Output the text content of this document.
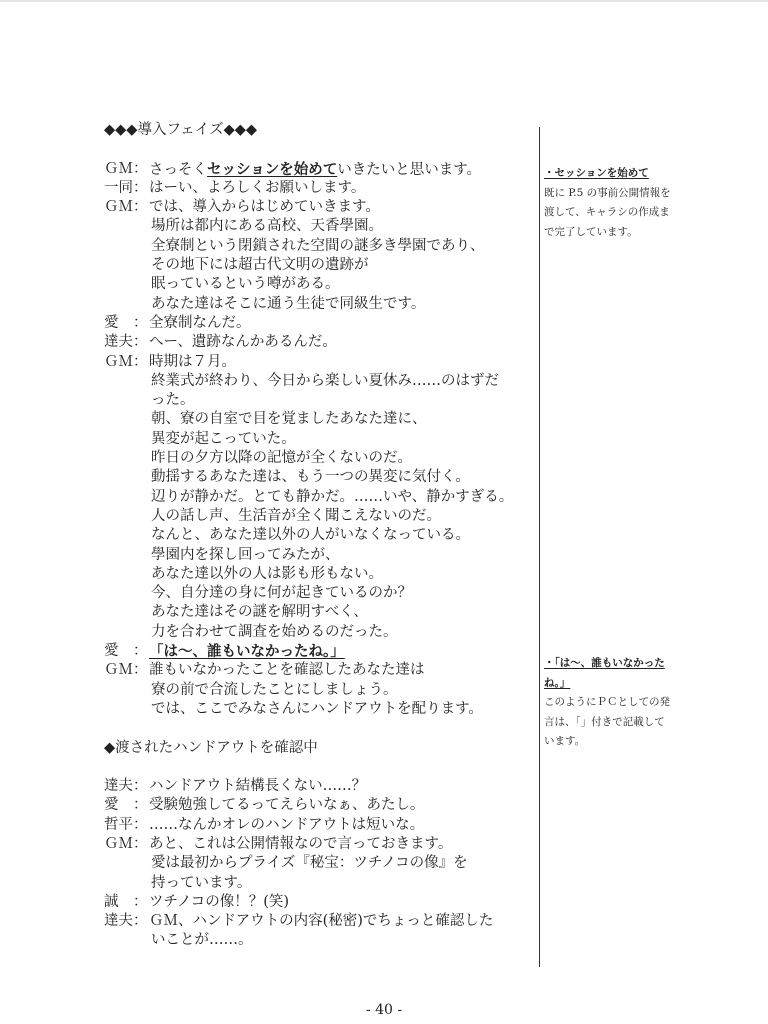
◆◆◆導入フェイズ◆◆◆
ＧＭ： さっそくセッションを始めていきたいと思います。
一同： はーい、よろしくお願いします。
ＧＭ： では、導入からはじめていきます。
場所は都内にある高校、天香學園。
全寮制という閉鎖された空間の謎多き學園であり、
その地下には超古代文明の遺跡が
眠っているという噂がある。
あなた達はそこに通う生徒で同級生です。
愛　： 全寮制なんだ。
達夫： へー、遺跡なんかあるんだ。
ＧＭ： 時期は７月。
終業式が終わり、今日から楽しい夏休み……のはずだ
った。
朝、寮の自室で目を覚ましたあなた達に、
異変が起こっていた。
昨日の夕方以降の記憶が全くないのだ。
動揺するあなた達は、もう一つの異変に気付く。
辺りが静かだ。とても静かだ。……いや、静かすぎる。
人の話し声、生活音が全く聞こえないのだ。
なんと、あなた達以外の人がいなくなっている。
學園内を探し回ってみたが、
あなた達以外の人は影も形もない。
今、自分達の身に何が起きているのか？
あなた達はその謎を解明すべく、
力を合わせて調査を始めるのだった。
愛　： 「は～、誰もいなかったね。」
ＧＭ： 誰もいなかったことを確認したあなた達は
寮の前で合流したことにしましょう。
では、ここでみなさんにハンドアウトを配ります。
◆渡されたハンドアウトを確認中
達夫： ハンドアウト結構長くない……？
愛　： 受験勉強してるってえらいなぁ、あたし。
哲平： ……なんかオレのハンドアウトは短いな。
ＧＭ： あと、これは公開情報なので言っておきます。
愛は最初からプライズ『秘宝：ツチノコの像』を
持っています。
誠　： ツチノコの像！？(笑)
達夫： ＧＭ、ハンドアウトの内容(秘密)でちょっと確認した
いことが……。
・セッションを始めて
既に P.5 の事前公開情報を
渡して、キャラシの作成ま
で完了しています。
・「は～、誰もいなかった
ね。」
このようにＰＣとしての発
言は、「」付きで記載して
います。
- 40 -
